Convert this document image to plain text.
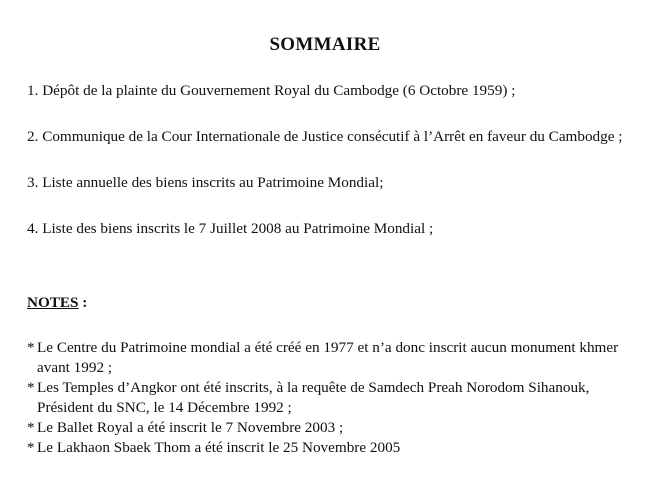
SOMMAIRE
1. Dépôt de la plainte du Gouvernement Royal du Cambodge (6 Octobre 1959) ;
2. Communique de la Cour Internationale de Justice consécutif à l’Arrêt en faveur du Cambodge ;
3. Liste annuelle des biens inscrits au Patrimoine Mondial;
4. Liste des biens inscrits le 7 Juillet 2008 au Patrimoine Mondial ;

NOTES :

* Le Centre du Patrimoine mondial a été créé en 1977 et n’a donc inscrit aucun monument khmer avant 1992 ;
* Les Temples d’Angkor ont été inscrits, à la requête de Samdech Preah Norodom Sihanouk, Président du SNC, le 14 Décembre 1992 ;
* Le Ballet Royal a été inscrit le 7 Novembre 2003 ;
* Le Lakhaon Sbaek Thom a été inscrit le 25 Novembre 2005
